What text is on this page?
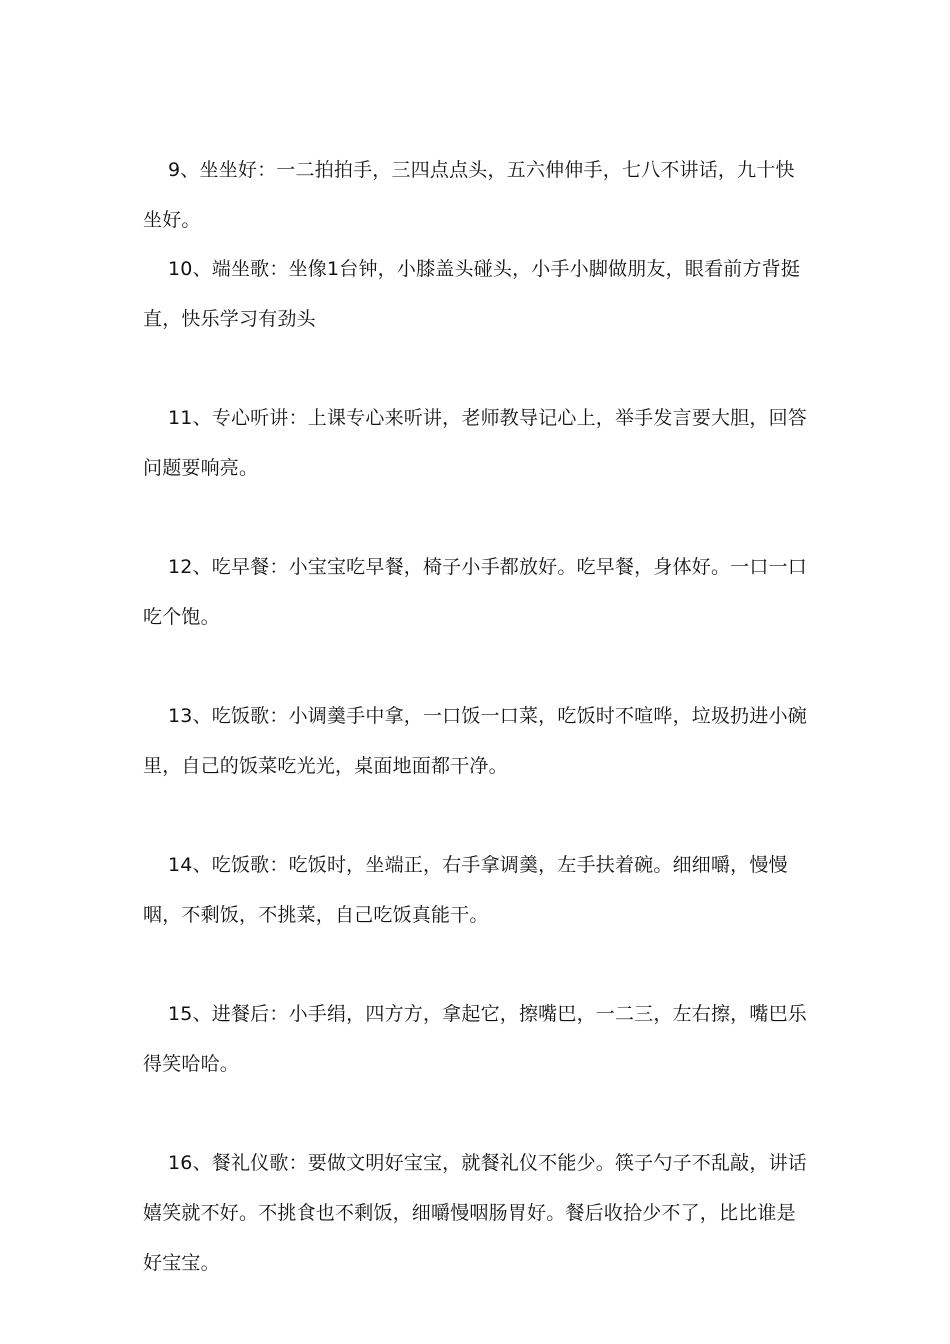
9、坐坐好：一二拍拍手，三四点点头，五六伸伸手，七八不讲话，九十快坐好。

10、端坐歌：坐像1台钟，小膝盖头碰头，小手小脚做朋友，眼看前方背挺直，快乐学习有劲头

11、专心听讲：上课专心来听讲，老师教导记心上，举手发言要大胆，回答问题要响亮。

12、吃早餐：小宝宝吃早餐，椅子小手都放好。吃早餐，身体好。一口一口吃个饱。

13、吃饭歌：小调羹手中拿，一口饭一口菜，吃饭时不喧哗，垃圾扔进小碗里，自己的饭菜吃光光，桌面地面都干净。

14、吃饭歌：吃饭时，坐端正，右手拿调羹，左手扶着碗。细细嚼，慢慢咽，不剩饭，不挑菜，自己吃饭真能干。

15、进餐后：小手绢，四方方，拿起它，擦嘴巴，一二三，左右擦，嘴巴乐得笑哈哈。

16、餐礼仪歌：要做文明好宝宝，就餐礼仪不能少。筷子勺子不乱敲，讲话嬉笑就不好。不挑食也不剩饭，细嚼慢咽肠胃好。餐后收拾少不了，比比谁是好宝宝。
